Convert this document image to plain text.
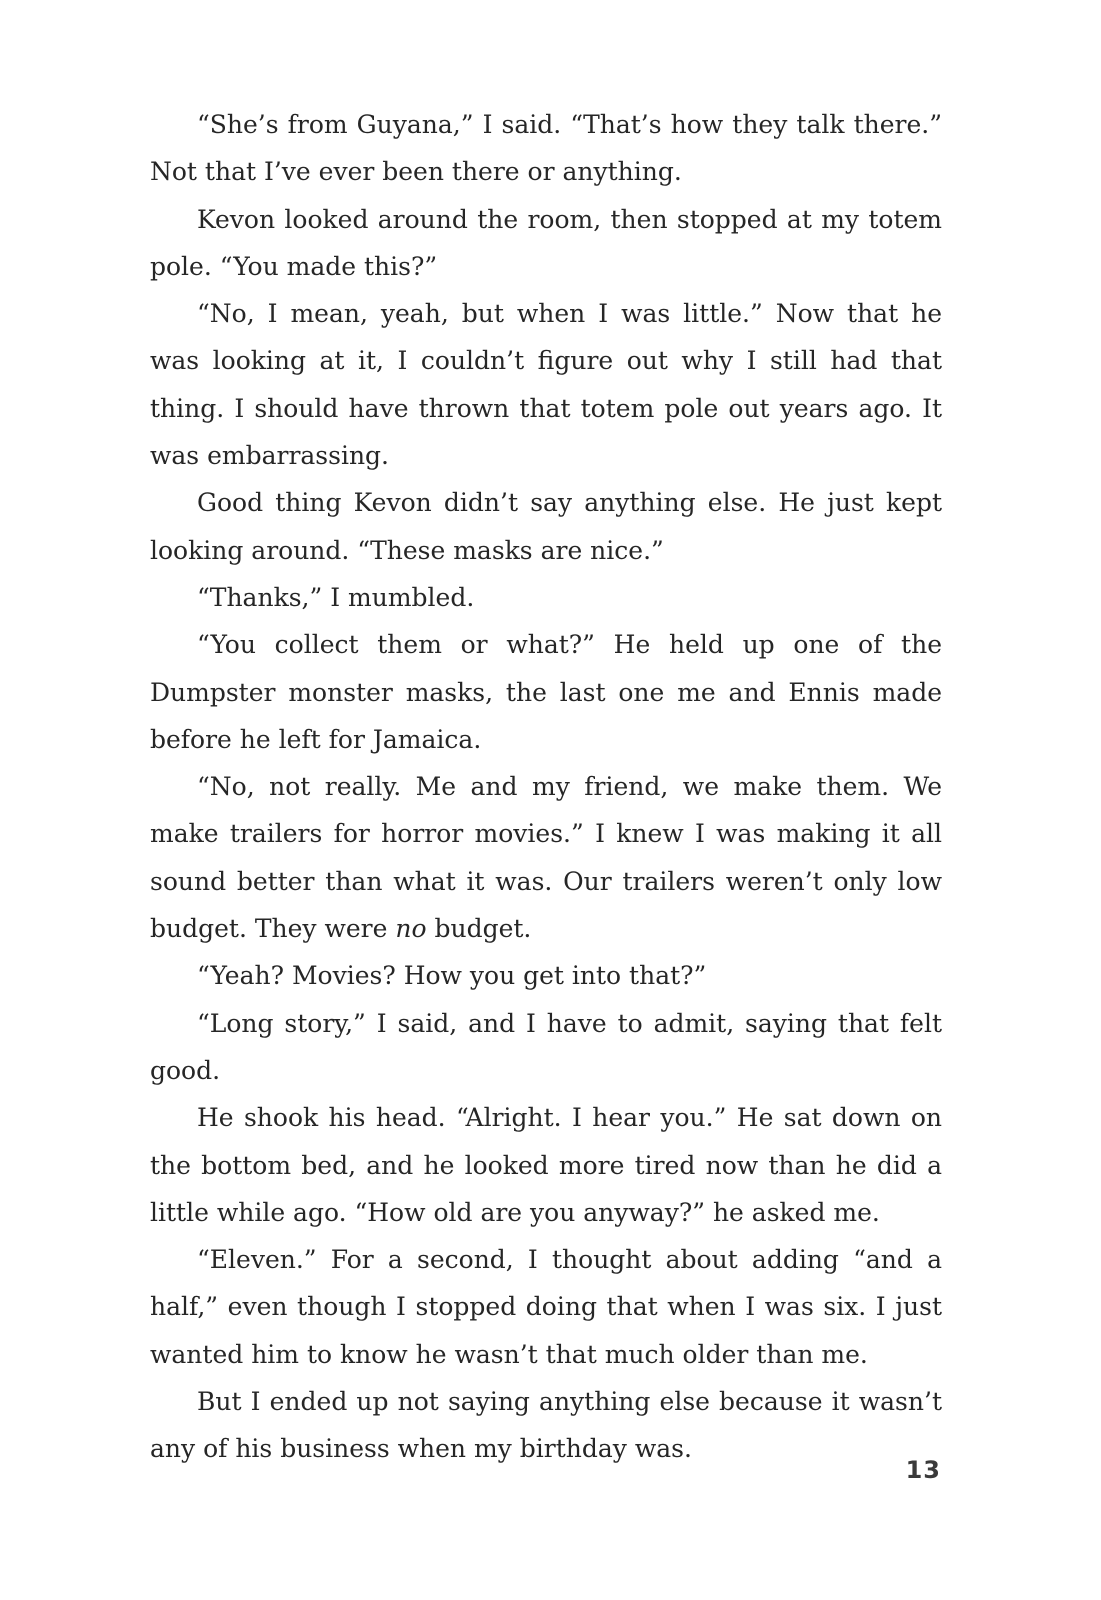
“She’s from Guyana,” I said. “That’s how they talk there.” Not that I’ve ever been there or anything.

Kevon looked around the room, then stopped at my totem pole. “You made this?”

“No, I mean, yeah, but when I was little.” Now that he was looking at it, I couldn’t figure out why I still had that thing. I should have thrown that totem pole out years ago. It was embarrassing.

Good thing Kevon didn’t say anything else. He just kept looking around. “These masks are nice.”

“Thanks,” I mumbled.

“You collect them or what?” He held up one of the Dumpster monster masks, the last one me and Ennis made before he left for Jamaica.

“No, not really. Me and my friend, we make them. We make trailers for horror movies.” I knew I was making it all sound better than what it was. Our trailers weren’t only low budget. They were no budget.

“Yeah? Movies? How you get into that?”

“Long story,” I said, and I have to admit, saying that felt good.

He shook his head. “Alright. I hear you.” He sat down on the bottom bed, and he looked more tired now than he did a little while ago. “How old are you anyway?” he asked me.

“Eleven.” For a second, I thought about adding “and a half,” even though I stopped doing that when I was six. I just wanted him to know he wasn’t that much older than me.

But I ended up not saying anything else because it wasn’t any of his business when my birthday was.

13
